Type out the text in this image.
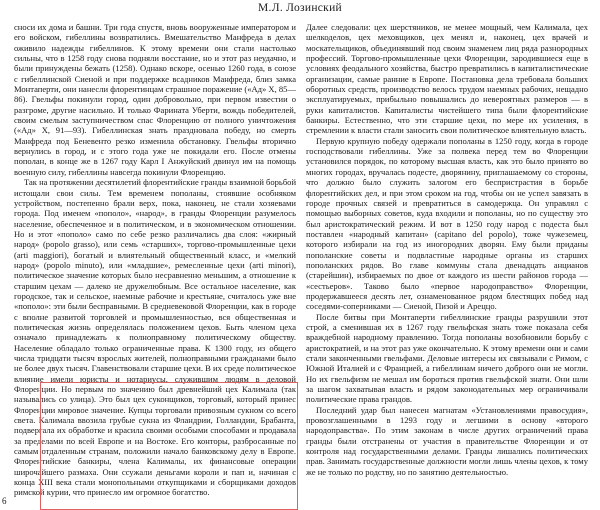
М.Л. Лозинский

сноси их дома и башни. Три года спустя, вновь вооруженные императором и его войском, гибеллины возвратились. Вмешательство Манфреда в делах оживило надежды гибеллинов. К этому времени они стали настолько сильны, что в 1258 году снова подняли восстание, но и этот раз неудачно, и были принуждены бежать (1258). Однако вскоре, осенью 1260 года, в союзе с гибеллинской Сиеной и при поддержке всадников Манфреда, близ замка Монтаперти, они нанесли флорентинцам страшное поражение («Ад» X, 85—86). Гвельфы покинули город, один добровольно, при первом известии о разгроме, другие насильно. И только Фарината Уберти, вождь победителей, своим смелым заступничеством спас Флоренцию от полного уничтожения («Ад» X, 91—93). Гибеллинская знать праздновала победу, но смерть Манфреда под Беневенто резко изменила обстановку. Гвельфы вторично вернулись в город, и с этого года уже не покидали его. После отмены пополан, в конце же в 1267 году Карл I Анжуйский двинул им на помощь военную силу, гибеллины навсегда покинули Флоренцию.

Так на протяжении десятилетий флорентийские гранды взаимной борьбой истощали свои силы. Тем временем пополаны, стоявшие особняком устройством, постепенно брали верх, пока, наконец, не стали хозяевами города. Под именем «пополо», «народ», в гранды Флоренции разумелось население, обеспеченное и в политическом, и в экономическом отношении. Но и этот «пополо» само по себе резко различались два слоя: «жирный народ» (popolo grasso), или семь «старших», торгово-промышленные цехи (arti maggiori), богатый и влиятельный общественный класс, и «мелкий народ» (popolo minuto), или «младшие», ремесленные цехи (arti minori), политическое значение которых было несравненно меньшим, а отношение к старшим цехам — далеко не дружелюбным. Все остальное население, как городское, так и сельское, наемные рабочие и крестьяне, считалось уже вне «пополо»: эти были бесправными. В средневековой Флоренции, как в городе с вполне развитой торговлей и промышленностью, вся общественная и политическая жизнь определялась положением цехов. Быть членом цеха означало принадлежать к полноправному политическому обществу. Население обладало только ограниченные права. К 1300 году, из общего числа тридцати тысяч взрослых жителей, полноправными гражданами было не более двух тысяч. Главенствовали старшие цехи. В их среде политическое влияние имели юристы и нотариусы, служившим людям в деловой Флоренции. Но первым по значению был древнейший цех Калимала (так назывались со улица). Это был цех суконщиков, торговый, который принес Флоренции мировое значение. Купцы торговали привозным сукном со всего света. Калимала ввозила грубые сукна из Фландрии, Голландии, Брабанта, подвергала их обработке и красила своими особыми способами и продавала за пределами по всей Европе и на Востоке. Его конторы, разбросанные по самым отдаленным странам, положили начало банковскому делу в Европе. Флорентийские банкиры, члена Калималы, их финансовые операции широчайшего размаха. Они ссужали деньгами короли и пап и, начиная с конца XIII века стали монопольными откупщиками и сборщиками доходов римской курии, что принесло им огромное богатство.

Далее следовали: цех шерстяников, не менее мощный, чем Калимала, цех шелкоделов, цех меховщиков, цех менял и, наконец, цех врачей и москательщиков, объединявший под своим знаменем лиц ряда разнородных профессий. Торгово-промышленные цехи Флоренции, зародившиеся еще в условиях феодального хозяйства, быстро превратились в капиталистические организации, самые ранние в Европе. Постановка дела требовала больших оборотных средств, производство велось трудом наемных рабочих, нещадно эксплуатируемых, прибыльно повышались до невероятных размеров — в руки капиталистов. Капиталисты чистейшего типа были флорентийские банкиры. Естественно, что эти старшие цехи, по мере их усиления, в стремлении к власти стали заносить свои политическое влиятельную власть.

Первую крупную победу одержали пополаны в 1250 году, когда в городе господствовали гибеллины. Уже за полвека перед тем во Флоренции установился порядок, по которому высшая власть, как это было принято во многих городах, вручалась подесте, дворянину, приглашаемому со стороны, что должно было служить залогом его беспристрастия в борьбе флорентийских дел, и при этом сроком на год, чтобы он не успел завязать в городе прочных связей и превратиться в самодержца. Он управлял с помощью выборных советов, куда входили и пополаны, но по существу это был аристократический режим. И вот в 1250 году народ с подеста был поставлен «народный капитан» (capitano del popolo), тоже чужеземец, которого избирали на год из иногородних дворян. Ему были приданы пополанские советы и подвластные народные органы из старших пополанских рядов. Во главе коммуны стала двенадцать анцианов (старейшин), избираемых по двое от каждого из шести районов города — «сестьеров». Таково было «первое народоправство» Флоренции, продержавшееся десять лет, ознаменованное рядом блестящих побед над соседями-соперниками — Сиеной, Пизой и Ареццо.

После битвы при Монтаперти гибеллинские гранды разрушили этот строй, а сменившая их в 1267 году гвельфская знать тоже показала себя враждебной народному правлению. Тогда пополаны возобновили борьбу с аристократией, и на этот раз уже окончательно. К этому времени они и сами стали законченными гвельфами. Деловые интересы их связывали с Римом, с Южной Италией и с Францией, а гибеллинам ничего доброго они не могли. Но их гвельфизм не мешал им бороться против гвельфской знати. Они шли за шагом захватывая власть и рядом законодательных мер ограничивали политические права грандов.

Последний удар был нанесен магнатам «Установлениями правосудия», провозглашенными в 1293 году и легшими в основу «второго народоправства». По этим законам в числе других ограничений права гранды были отстранены от участия в правительстве Флоренции и от контроля над государственными делами. Гранды лишались политических прав. Занимать государственные должности могли лишь члены цехов, к тому же не только по родству, но по занятию деятельностью.

6
